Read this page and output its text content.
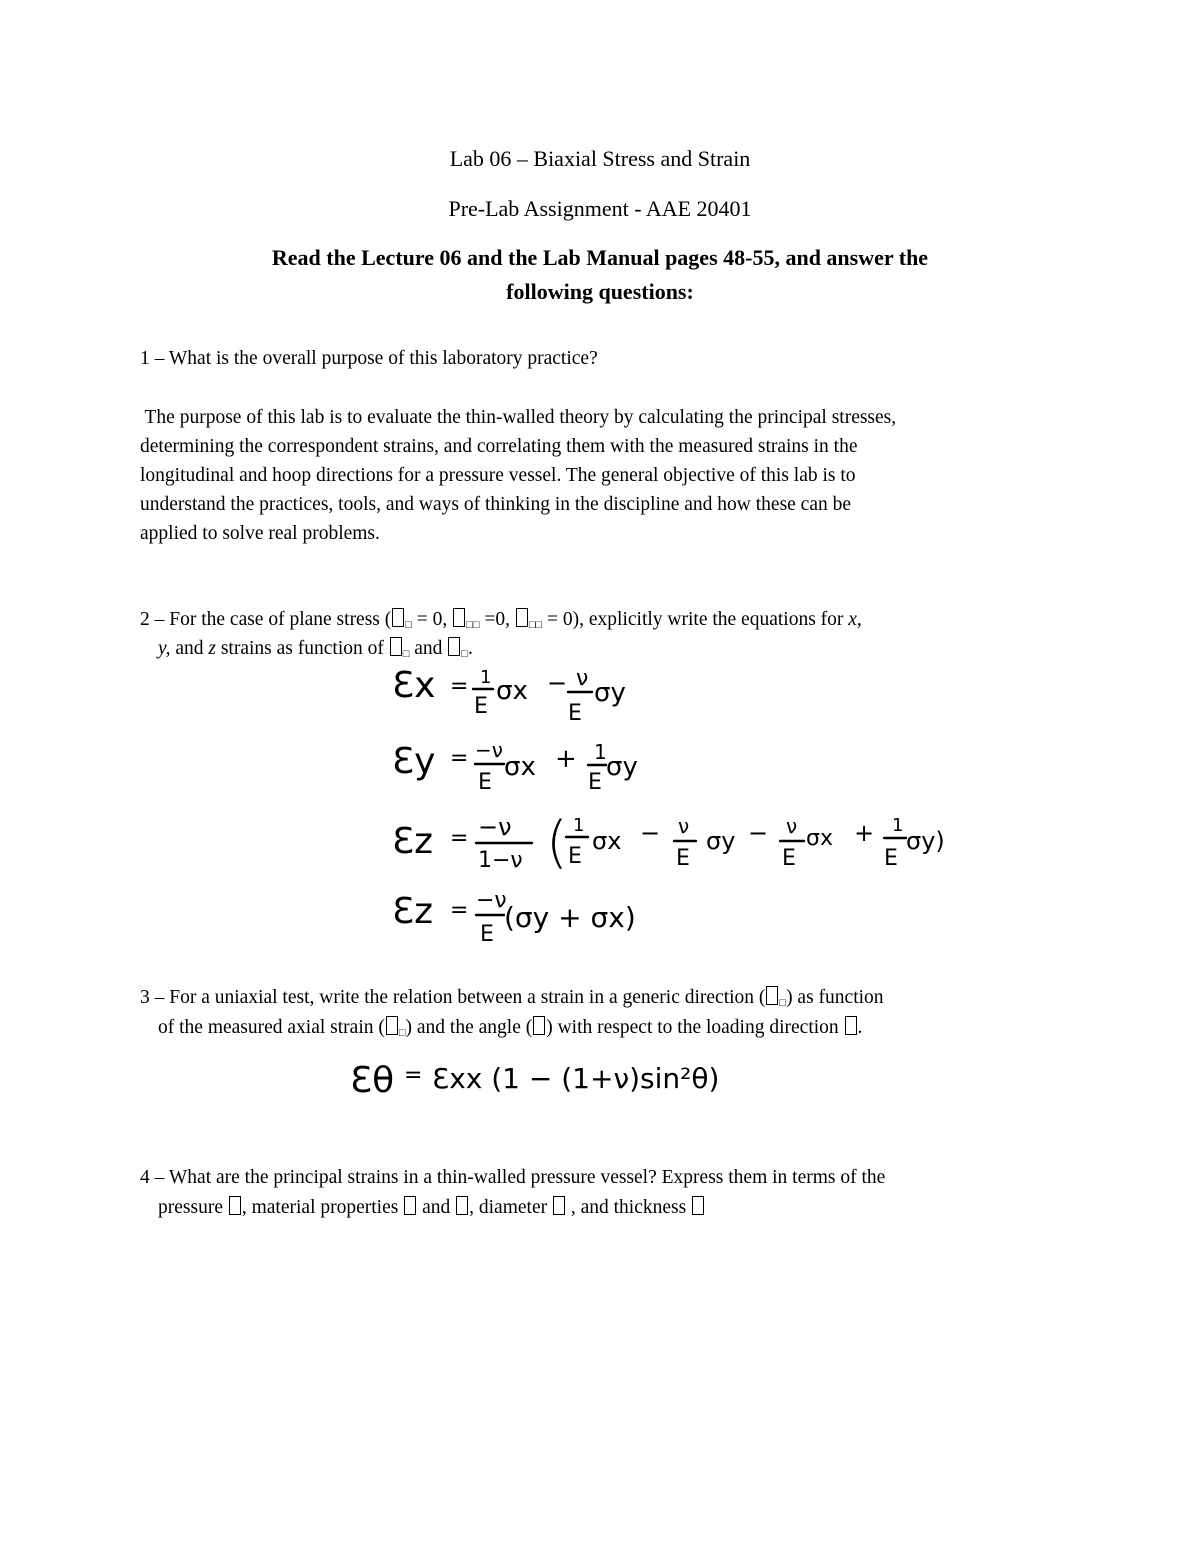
Lab 06 – Biaxial Stress and Strain
Pre-Lab Assignment - AAE 20401
Read the Lecture 06 and the Lab Manual pages 48-55, and answer the
following questions:
1 – What is the overall purpose of this laboratory practice?
The purpose of this lab is to evaluate the thin-walled theory by calculating the principal stresses,
determining the correspondent strains, and correlating them with the measured strains in the
longitudinal and hoop directions for a pressure vessel. The general objective of this lab is to
understand the practices, tools, and ways of thinking in the discipline and how these can be
applied to solve real problems.
2 – For the case of plane stress ( □ = 0, □□ =0, □□ = 0), explicitly write the equations for x,
y, and z strains as function of □ and □.
Ɛx = 1
E
σx − ν
E
σy
Ɛy = −ν
E
σx + 1
E
σy
Ɛz = −ν
1−ν ( 1
E
σx − ν
E
σy − ν
E
σx + 1
E
σy)
Ɛz = −ν
E
(σy + σx)
3 – For a uniaxial test, write the relation between a strain in a generic direction ( □) as function
of the measured axial strain ( □) and the angle ( ) with respect to the loading direction .
Ɛθ = Ɛxx (1 − (1+ν)sin²θ)
4 – What are the principal strains in a thin-walled pressure vessel? Express them in terms of the
pressure , material properties  and , diameter  , and thickness
